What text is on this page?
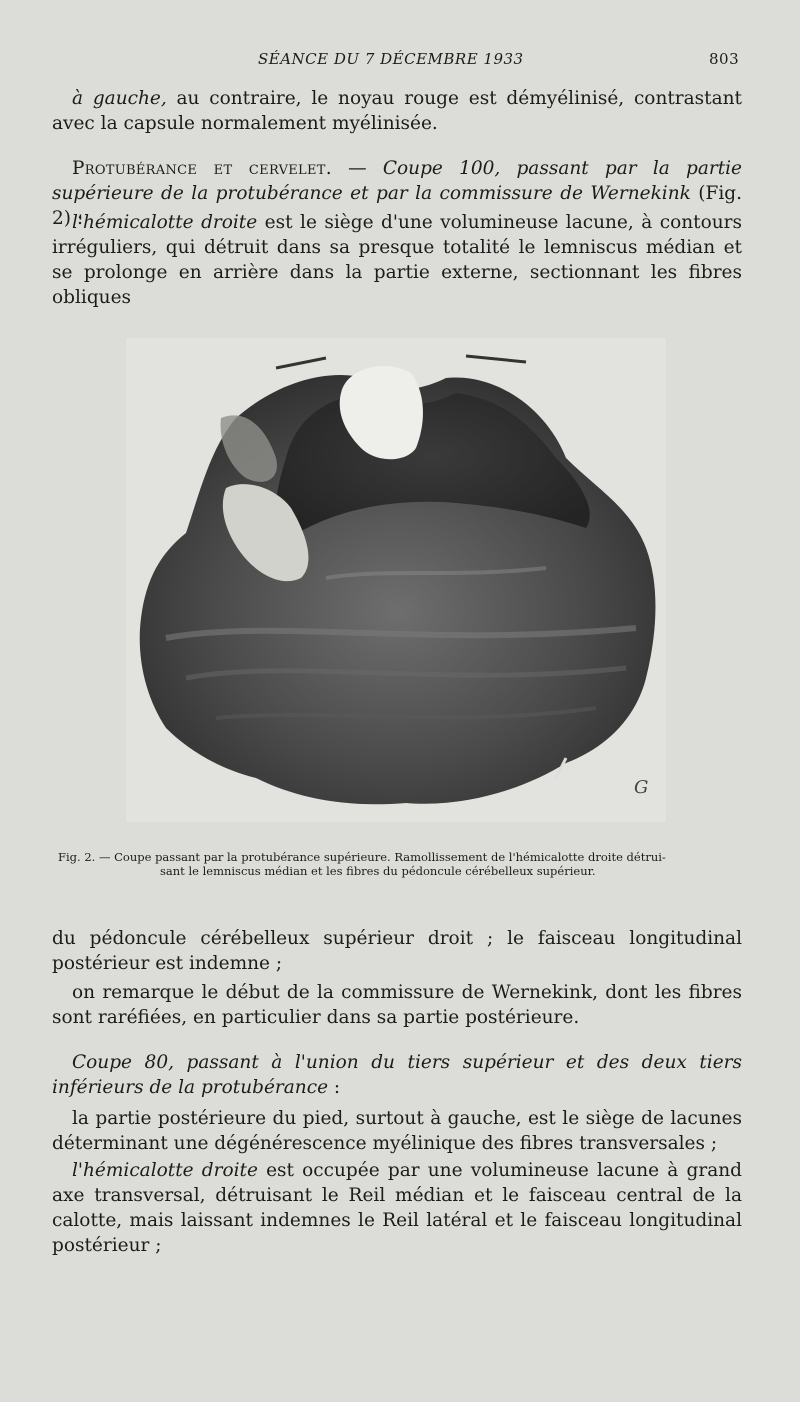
SÉANCE DU 7 DÉCEMBRE 1933	803

à gauche, au contraire, le noyau rouge est démyélinisé, contrastant avec la capsule normalement myélinisée.

Protubérance et cervelet. — Coupe 100, passant par la partie supérieure de la protubérance et par la commissure de Wernekink (Fig. 2) :

l'hémicalotte droite est le siège d'une volumineuse lacune, à contours irréguliers, qui détruit dans sa presque totalité le lemniscus médian et se prolonge en arrière dans la partie externe, sectionnant les fibres obliques

G
Fig. 2. — Coupe passant par la protubérance supérieure. Ramollissement de l'hémicalotte droite détrui-
sant le lemniscus médian et les fibres du pédoncule cérébelleux supérieur.

du pédoncule cérébelleux supérieur droit ; le faisceau longitudinal postérieur est indemne ;

on remarque le début de la commissure de Wernekink, dont les fibres sont raréfiées, en particulier dans sa partie postérieure.

Coupe 80, passant à l'union du tiers supérieur et des deux tiers inférieurs de la protubérance :

la partie postérieure du pied, surtout à gauche, est le siège de lacunes déterminant une dégénérescence myélinique des fibres transversales ;

l'hémicalotte droite est occupée par une volumineuse lacune à grand axe transversal, détruisant le Reil médian et le faisceau central de la calotte, mais laissant indemnes le Reil latéral et le faisceau longitudinal postérieur ;
